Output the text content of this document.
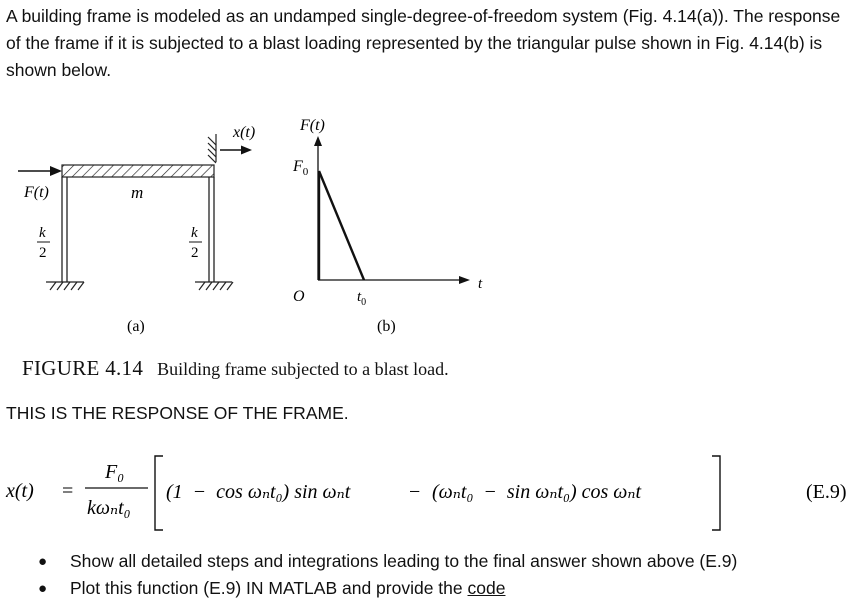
A building frame is modeled as an undamped single-degree-of-freedom system (Fig. 4.14(a)). The response of the frame if it is subjected to a blast loading represented by the triangular pulse shown in Fig. 4.14(b) is shown below.

F(t)	m
x(t)
k
2
k
2
(a)
F(t)
$F_0$
O	$t_0$
t
(b)
FIGURE 4.14 Building frame subjected to a blast load.
THIS IS THE RESPONSE OF THE FRAME.
x(t) =
F₀
kωₙt₀
(1  −  cos ωₙt₀) sin ωₙt	− (ωₙt₀  −  sin ωₙt₀) cos ωₙt	(E.9)
● Show all detailed steps and integrations leading to the final answer shown above (E.9)
● Plot this function (E.9) IN MATLAB and provide the code
